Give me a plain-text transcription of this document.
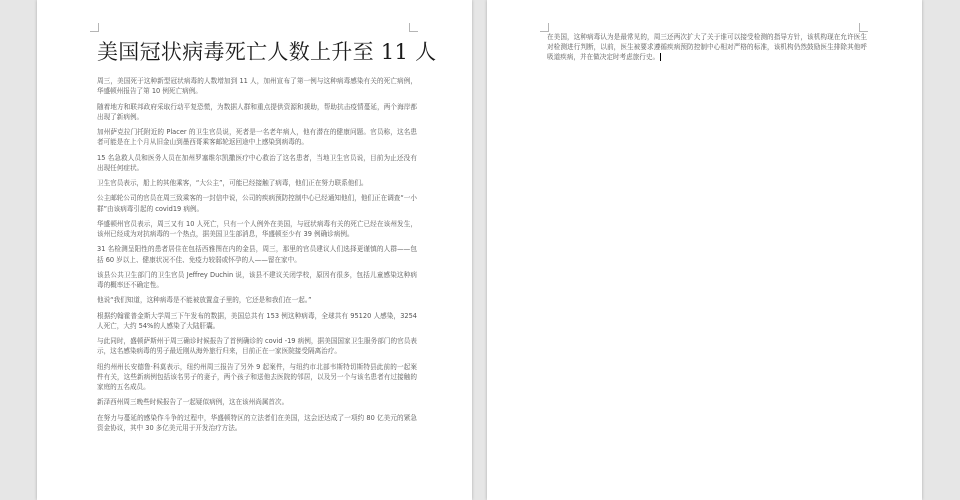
美国冠状病毒死亡人数上升至 11 人

周三，美国死于这种新型冠状病毒的人数增加到 11 人，加州宣布了第一例与这种病毒感染有关的死亡病例，华盛顿州报告了第 10 例死亡病例。

随着地方和联邦政府采取行动平复恐慌，为数据人群和重点提供资源和援助，帮助抗击疫情蔓延，两个海岸都出现了新病例。

加州萨克拉门托附近的 Placer 的卫生官员说，死者是一名老年病人，他有潜在的健康问题。官员称，这名患者可能是在上个月从旧金山到墨西哥乘客邮轮返回途中上感染到病毒的。

15 名急救人员和医务人员在加州罗塞维尔凯撒医疗中心救治了这名患者，当地卫生官员说，目前为止还没有出现任何症状。

卫生官员表示，船上的其他乘客，“大公主”，可能已经接触了病毒，他们正在努力联系他们。

公主邮轮公司的官员在周三致乘客的一封信中说，公司的疾病预防控制中心已经通知他们，他们正在调查“一小群”由该病毒引起的 covid19 病例。

华盛顿州官员表示，周三又有 10 人死亡，只有一个人例外在美国，与冠状病毒有关的死亡已经在该州发生，该州已经成为对抗病毒的一个热点，据美国卫生部消息，华盛顿至少有 39 例确诊病例。

31 名检测呈阳性的患者居住在包括西雅图在内的金县，周三，那里的官员建议人们选择更谨慎的人群——包括 60 岁以上、健康状况不佳、免疫力较弱或怀孕的人——留在家中。

该县公共卫生部门的卫生官员 Jeffrey Duchin 说，该县不建议关闭学校，原因有很多，包括儿童感染这种病毒的概率还不确定性。

他说“我们知道，这种病毒是不能被放置盒子里的，它还是和我们在一起。”

根据约翰霍普金斯大学周三下午发布的数据，美国总共有 153 例这种病毒，全球共有 95120 人感染，3254 人死亡，大约 54%的人感染了大陆肝囊。

与此同时，盛顿萨斯州于周三确诊时候报告了首例确诊的 covid -19 病例，据美国国家卫生服务部门的官员表示，这名感染病毒的男子最近刚从海外旅行归来，目前正在一家医院接受隔离治疗。

纽约州州长安德鲁·科莫表示，纽约州周三报告了另外 9 起案件，与纽约市北部韦斯特切斯特县此前的一起案件有关，这些新病例包括该名男子的妻子，两个孩子和送他去医院的邻居，以及另一个与该名患者有过接触的家庭的五名成员。

新泽西州周三晚些时候报告了一起疑似病例，这在该州尚属首次。

在努力与蔓延的感染作斗争的过程中，华盛顿特区的立法者们在美国，这会还达成了一项约 80 亿美元的紧急资金协议，其中 30 多亿美元用于开发治疗方法。

在美国，这种病毒认为是最常见的，周三还两次扩大了关于谁可以接受检测的指导方针，该机构现在允许医生对检测进行判断，以前，医生被要求遵循疾病预防控制中心相对严格的标准，该机构仍然鼓励医生排除其他呼吸道疾病，并在做决定时考虑旅行史。
